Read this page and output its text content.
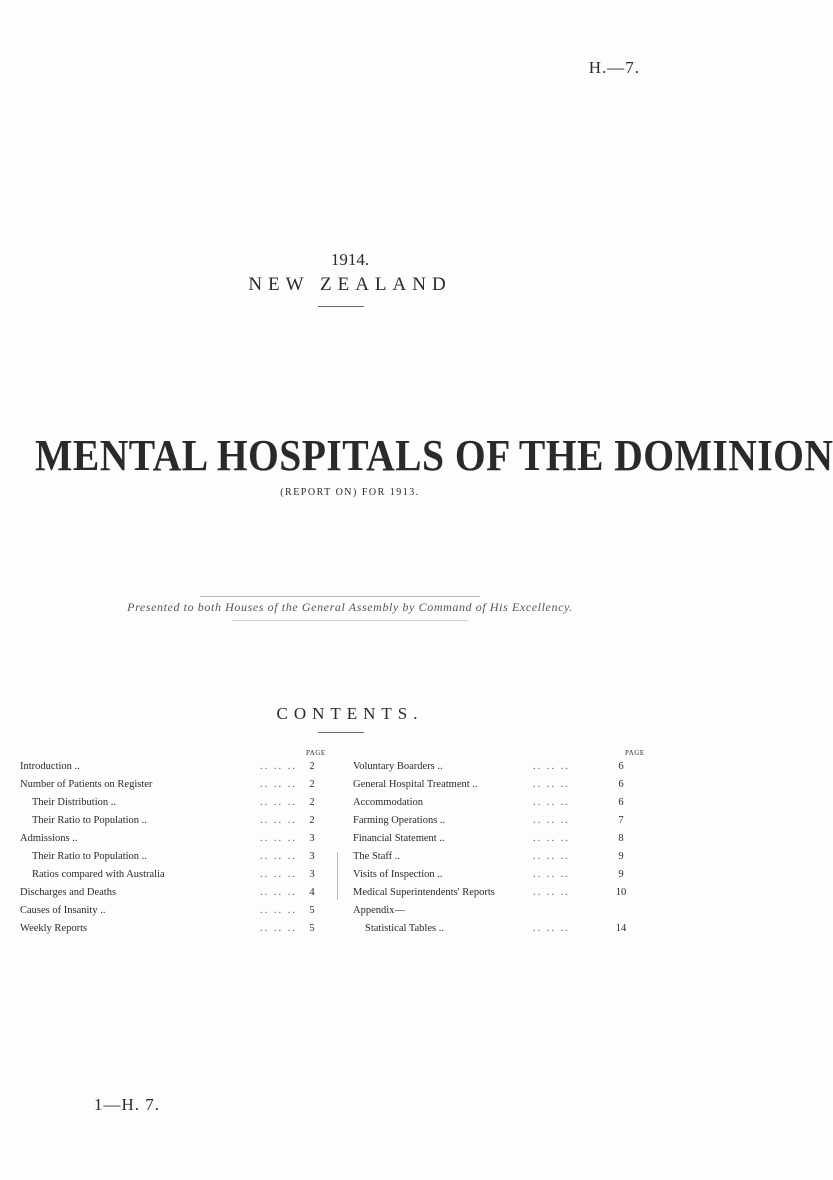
H.—7.
1914.
NEW ZEALAND
MENTAL HOSPITALS OF THE DOMINION
(REPORT ON) FOR 1913.
Presented to both Houses of the General Assembly by Command of His Excellency.
CONTENTS.
PAGE	PAGE
Introduction ..	.. .. ..	2
Number of Patients on Register	.. .. ..	2
Their Distribution ..	.. .. ..	2
Their Ratio to Population ..	.. .. ..	2
Admissions ..	.. .. ..	3
Their Ratio to Population ..	.. .. ..	3
Ratios compared with Australia	.. .. ..	3
Discharges and Deaths	.. .. ..	4
Causes of Insanity ..	.. .. ..	5
Weekly Reports	.. .. ..	5
Voluntary Boarders ..	.. .. ..	6
General Hospital Treatment ..	.. .. ..	6
Accommodation	.. .. ..	6
Farming Operations ..	.. .. ..	7
Financial Statement ..	.. .. ..	8
The Staff ..	.. .. ..	9
Visits of Inspection ..	.. .. ..	9
Medical Superintendents' Reports	.. .. ..	10
Appendix—
Statistical Tables ..	.. .. ..	14
1—H. 7.
